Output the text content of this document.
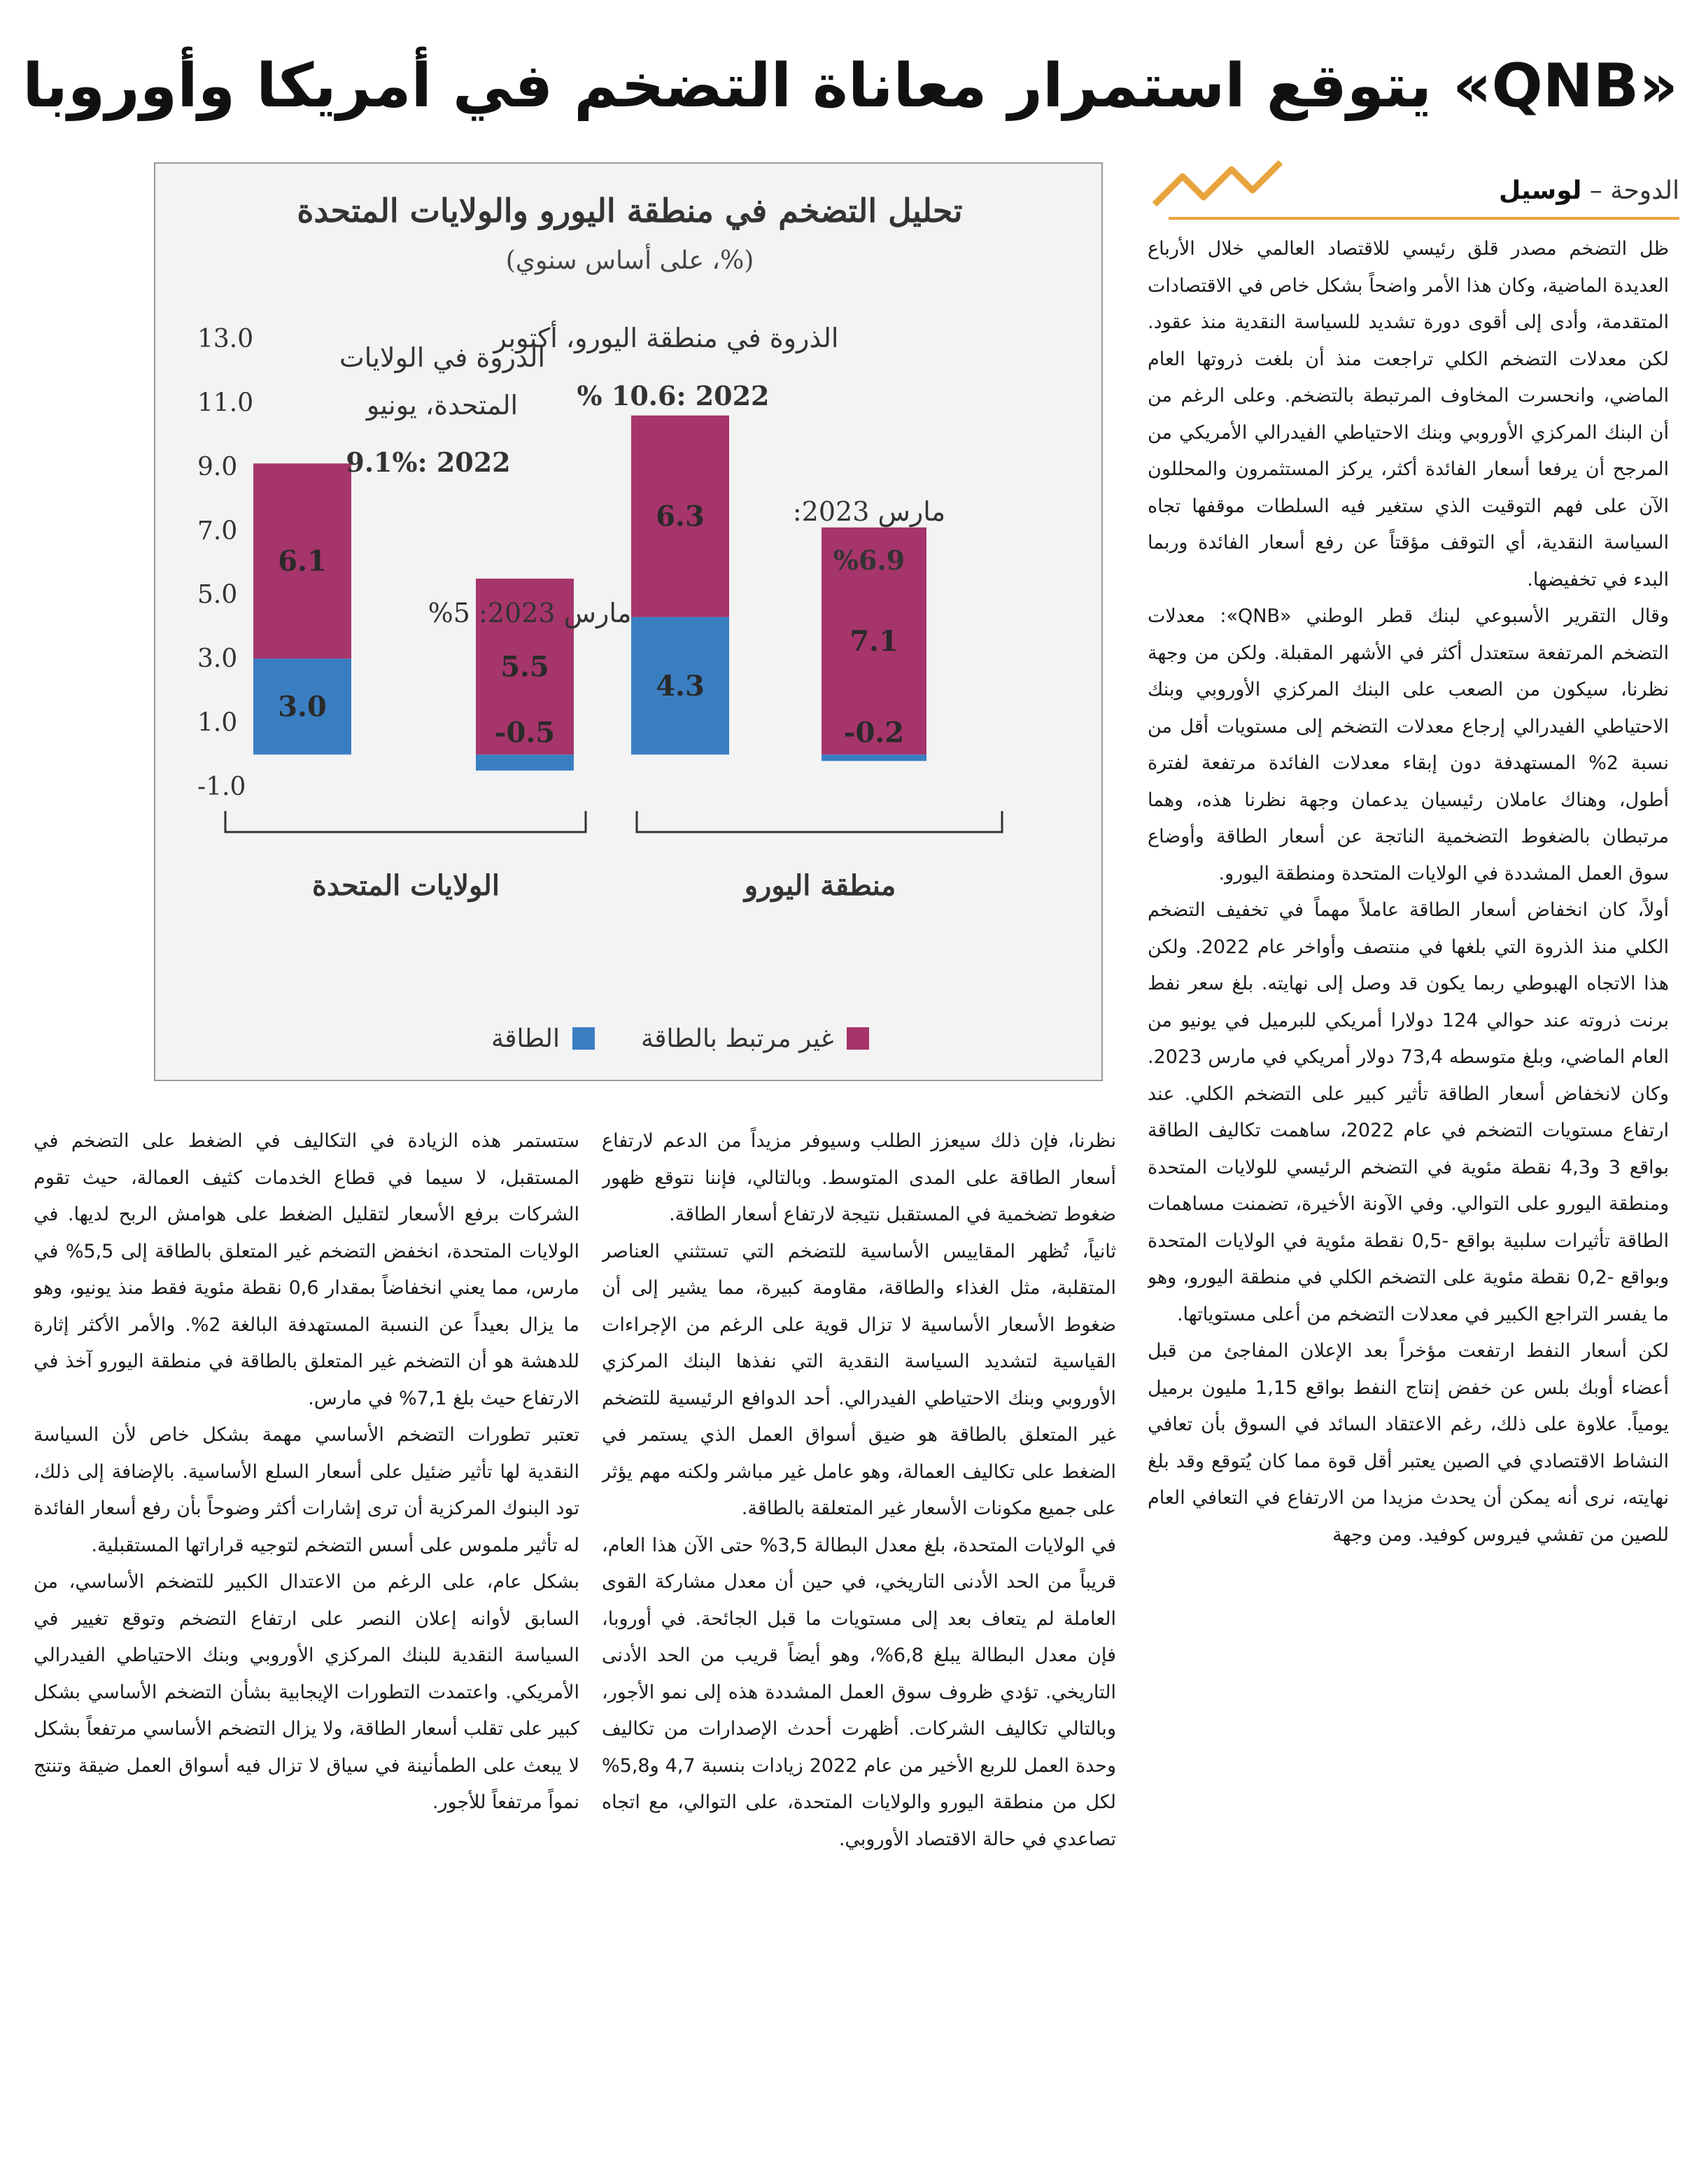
«QNB» يتوقع استمرار معاناة التضخم في أمريكا وأوروبا
الدوحة – لوسيل

ظل التضخم مصدر قلق رئيسي للاقتصاد العالمي خلال الأرباع العديدة الماضية، وكان هذا الأمر واضحاً بشكل خاص في الاقتصادات المتقدمة، وأدى إلى أقوى دورة تشديد للسياسة النقدية منذ عقود. لكن معدلات التضخم الكلي تراجعت منذ أن بلغت ذروتها العام الماضي، وانحسرت المخاوف المرتبطة بالتضخم. وعلى الرغم من أن البنك المركزي الأوروبي وبنك الاحتياطي الفيدرالي الأمريكي من المرجح أن يرفعا أسعار الفائدة أكثر، يركز المستثمرون والمحللون الآن على فهم التوقيت الذي ستغير فيه السلطات موقفها تجاه السياسة النقدية، أي التوقف مؤقتاً عن رفع أسعار الفائدة وربما البدء في تخفيضها.

وقال التقرير الأسبوعي لبنك قطر الوطني «QNB»: معدلات التضخم المرتفعة ستعتدل أكثر في الأشهر المقبلة. ولكن من وجهة نظرنا، سيكون من الصعب على البنك المركزي الأوروبي وبنك الاحتياطي الفيدرالي إرجاع معدلات التضخم إلى مستويات أقل من نسبة 2% المستهدفة دون إبقاء معدلات الفائدة مرتفعة لفترة أطول، وهناك عاملان رئيسيان يدعمان وجهة نظرنا هذه، وهما مرتبطان بالضغوط التضخمية الناتجة عن أسعار الطاقة وأوضاع سوق العمل المشددة في الولايات المتحدة ومنطقة اليورو.

أولاً، كان انخفاض أسعار الطاقة عاملاً مهماً في تخفيف التضخم الكلي منذ الذروة التي بلغها في منتصف وأواخر عام 2022. ولكن هذا الاتجاه الهبوطي ربما يكون قد وصل إلى نهايته. بلغ سعر نفط برنت ذروته عند حوالي 124 دولارا أمريكي للبرميل في يونيو من العام الماضي، وبلغ متوسطه 73,4 دولار أمريكي في مارس 2023. وكان لانخفاض أسعار الطاقة تأثير كبير على التضخم الكلي. عند ارتفاع مستويات التضخم في عام 2022، ساهمت تكاليف الطاقة بواقع 3 و4,3 نقطة مئوية في التضخم الرئيسي للولايات المتحدة ومنطقة اليورو على التوالي. وفي الآونة الأخيرة، تضمنت مساهمات الطاقة تأثيرات سلبية بواقع -0,5 نقطة مئوية في الولايات المتحدة وبواقع -0,2 نقطة مئوية على التضخم الكلي في منطقة اليورو، وهو ما يفسر التراجع الكبير في معدلات التضخم من أعلى مستوياتها.

لكن أسعار النفط ارتفعت مؤخراً بعد الإعلان المفاجئ من قبل أعضاء أوبك بلس عن خفض إنتاج النفط بواقع 1,15 مليون برميل يومياً. علاوة على ذلك، رغم الاعتقاد السائد في السوق بأن تعافي النشاط الاقتصادي في الصين يعتبر أقل قوة مما كان يُتوقع وقد بلغ نهايته، نرى أنه يمكن أن يحدث مزيدا من الارتفاع في التعافي العام للصين من تفشي فيروس كوفيد. ومن وجهة

تحليل التضخم في منطقة اليورو والولايات المتحدة
(%، على أساس سنوي)
13.0
11.0
9.0
7.0
5.0
3.0
1.0
-1.0
6.1
3.0
5.5
-0.5
6.3
4.3
7.1
-0.2
الولايات المتحدة	منطقة اليورو
الذروة في الولايات
المتحدة، يونيو
2022 :9.1%
مارس 2023: 5%
الذروة في منطقة اليورو، أكتوبر
2022 :10.6 %
مارس 2023:
%6.9
غير مرتبط بالطاقة
الطاقة

نظرنا، فإن ذلك سيعزز الطلب وسيوفر مزيداً من الدعم لارتفاع أسعار الطاقة على المدى المتوسط. وبالتالي، فإننا نتوقع ظهور ضغوط تضخمية في المستقبل نتيجة لارتفاع أسعار الطاقة.

ثانياً، تُظهر المقاييس الأساسية للتضخم التي تستثني العناصر المتقلبة، مثل الغذاء والطاقة، مقاومة كبيرة، مما يشير إلى أن ضغوط الأسعار الأساسية لا تزال قوية على الرغم من الإجراءات القياسية لتشديد السياسة النقدية التي نفذها البنك المركزي الأوروبي وبنك الاحتياطي الفيدرالي. أحد الدوافع الرئيسية للتضخم غير المتعلق بالطاقة هو ضيق أسواق العمل الذي يستمر في الضغط على تكاليف العمالة، وهو عامل غير مباشر ولكنه مهم يؤثر على جميع مكونات الأسعار غير المتعلقة بالطاقة.

في الولايات المتحدة، بلغ معدل البطالة 3,5% حتى الآن هذا العام، قريباً من الحد الأدنى التاريخي، في حين أن معدل مشاركة القوى العاملة لم يتعاف بعد إلى مستويات ما قبل الجائحة. في أوروبا، فإن معدل البطالة يبلغ 6,8%، وهو أيضاً قريب من الحد الأدنى التاريخي. تؤدي ظروف سوق العمل المشددة هذه إلى نمو الأجور، وبالتالي تكاليف الشركات. أظهرت أحدث الإصدارات من تكاليف وحدة العمل للربع الأخير من عام 2022 زيادات بنسبة 4,7 و5,8% لكل من منطقة اليورو والولايات المتحدة، على التوالي، مع اتجاه تصاعدي في حالة الاقتصاد الأوروبي.

ستستمر هذه الزيادة في التكاليف في الضغط على التضخم في المستقبل، لا سيما في قطاع الخدمات كثيف العمالة، حيث تقوم الشركات برفع الأسعار لتقليل الضغط على هوامش الربح لديها. في الولايات المتحدة، انخفض التضخم غير المتعلق بالطاقة إلى 5,5% في مارس، مما يعني انخفاضاً بمقدار 0,6 نقطة مئوية فقط منذ يونيو، وهو ما يزال بعيداً عن النسبة المستهدفة البالغة 2%. والأمر الأكثر إثارة للدهشة هو أن التضخم غير المتعلق بالطاقة في منطقة اليورو آخذ في الارتفاع حيث بلغ 7,1% في مارس.

تعتبر تطورات التضخم الأساسي مهمة بشكل خاص لأن السياسة النقدية لها تأثير ضئيل على أسعار السلع الأساسية. بالإضافة إلى ذلك، تود البنوك المركزية أن ترى إشارات أكثر وضوحاً بأن رفع أسعار الفائدة له تأثير ملموس على أسس التضخم لتوجيه قراراتها المستقبلية.

بشكل عام، على الرغم من الاعتدال الكبير للتضخم الأساسي، من السابق لأوانه إعلان النصر على ارتفاع التضخم وتوقع تغيير في السياسة النقدية للبنك المركزي الأوروبي وبنك الاحتياطي الفيدرالي الأمريكي. واعتمدت التطورات الإيجابية بشأن التضخم الأساسي بشكل كبير على تقلب أسعار الطاقة، ولا يزال التضخم الأساسي مرتفعاً بشكل لا يبعث على الطمأنينة في سياق لا تزال فيه أسواق العمل ضيقة وتنتج نمواً مرتفعاً للأجور.
